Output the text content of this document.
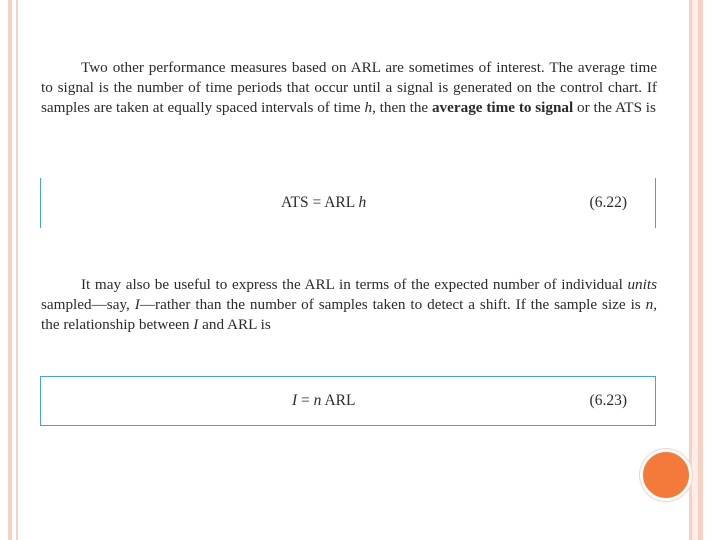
Two other performance measures based on ARL are sometimes of interest. The average time to signal is the number of time periods that occur until a signal is generated on the control chart. If samples are taken at equally spaced intervals of time h, then the average time to signal or the ATS is

ATS = ARL h	(6.22)

It may also be useful to express the ARL in terms of the expected number of individual units sampled—say, I—rather than the number of samples taken to detect a shift. If the sample size is n, the relationship between I and ARL is

I = n ARL	(6.23)
